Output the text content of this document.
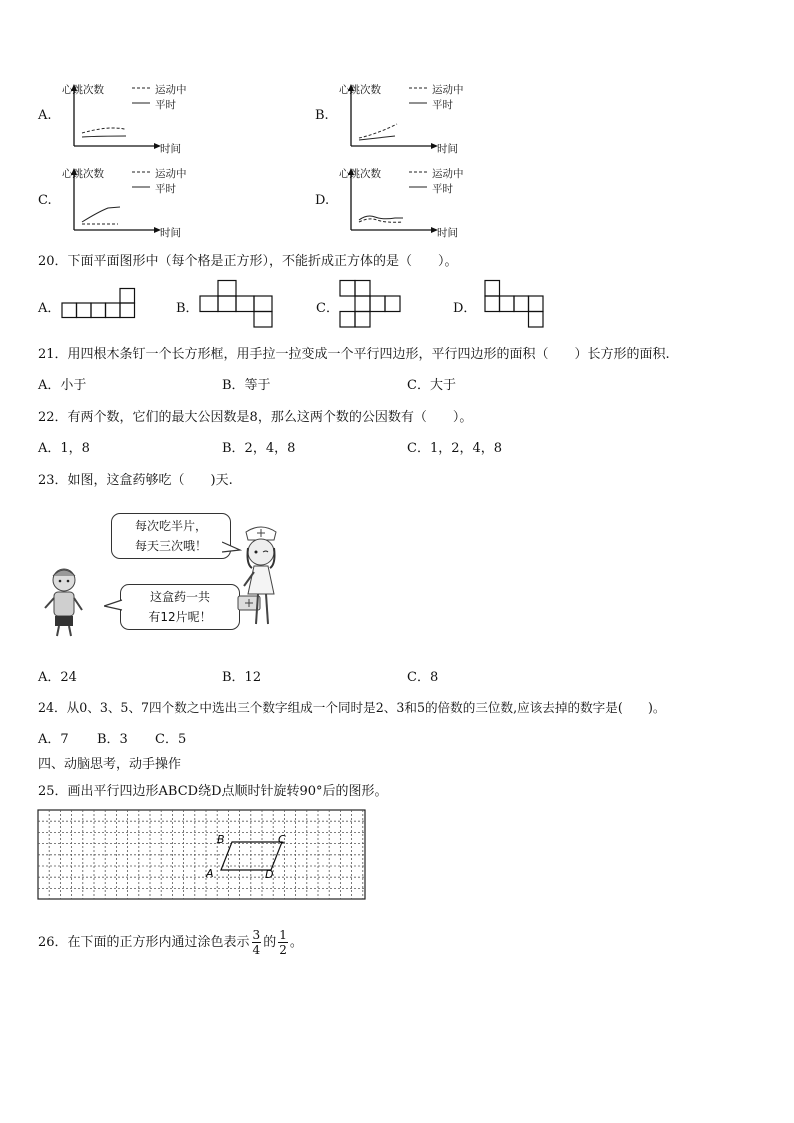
A.
心跳次数	运动中
平时
时间
B.
心跳次数	运动中
平时
时间
C.
心跳次数	运动中
平时
时间
D.
心跳次数	运动中
平时
时间
20．下面平面图形中（每个格是正方形），不能折成正方体的是（　　）。
A．	B．	C．	D．
21．用四根木条钉一个长方形框，用手拉一拉变成一个平行四边形，平行四边形的面积（　　）长方形的面积.
A．小于	B．等于	C．大于
22．有两个数，它们的最大公因数是8，那么这两个数的公因数有（　　）。
A．1，8	B．2，4，8	C．1，2，4，8
23．如图，这盒药够吃（　　)天.
每次吃半片，
每天三次哦！
这盒药一共
有12片呢！
A．24	B．12	C．8
24．从0、3、5、7四个数之中选出三个数字组成一个同时是2、3和5的倍数的三位数,应该去掉的数字是(　　)。
A．7 B．3 C．5
四、动脑思考，动手操作
25．画出平行四边形ABCD绕D点顺时针旋转90°后的图形。
B	C
A	D
26．在下面的正方形内通过涂色表示 $\frac{3}{4}$ 的 $\frac{1}{2}$ 。
